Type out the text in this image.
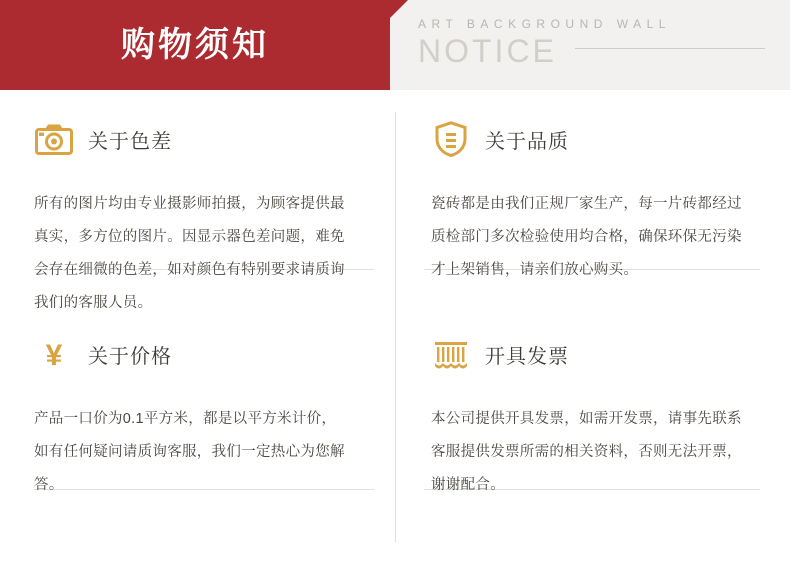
购物须知
ART BACKGROUND WALL
NOTICE
关于色差
所有的图片均由专业摄影师拍摄，为顾客提供最真实，多方位的图片。因显示器色差问题，难免会存在细微的色差，如对颜色有特别要求请质询我们的客服人员。
关于品质
瓷砖都是由我们正规厂家生产，每一片砖都经过质检部门多次检验使用均合格，确保环保无污染才上架销售，请亲们放心购买。
¥ 关于价格
产品一口价为0.1平方米，都是以平方米计价，如有任何疑问请质询客服，我们一定热心为您解答。
开具发票
本公司提供开具发票，如需开发票，请事先联系客服提供发票所需的相关资料，否则无法开票，谢谢配合。
